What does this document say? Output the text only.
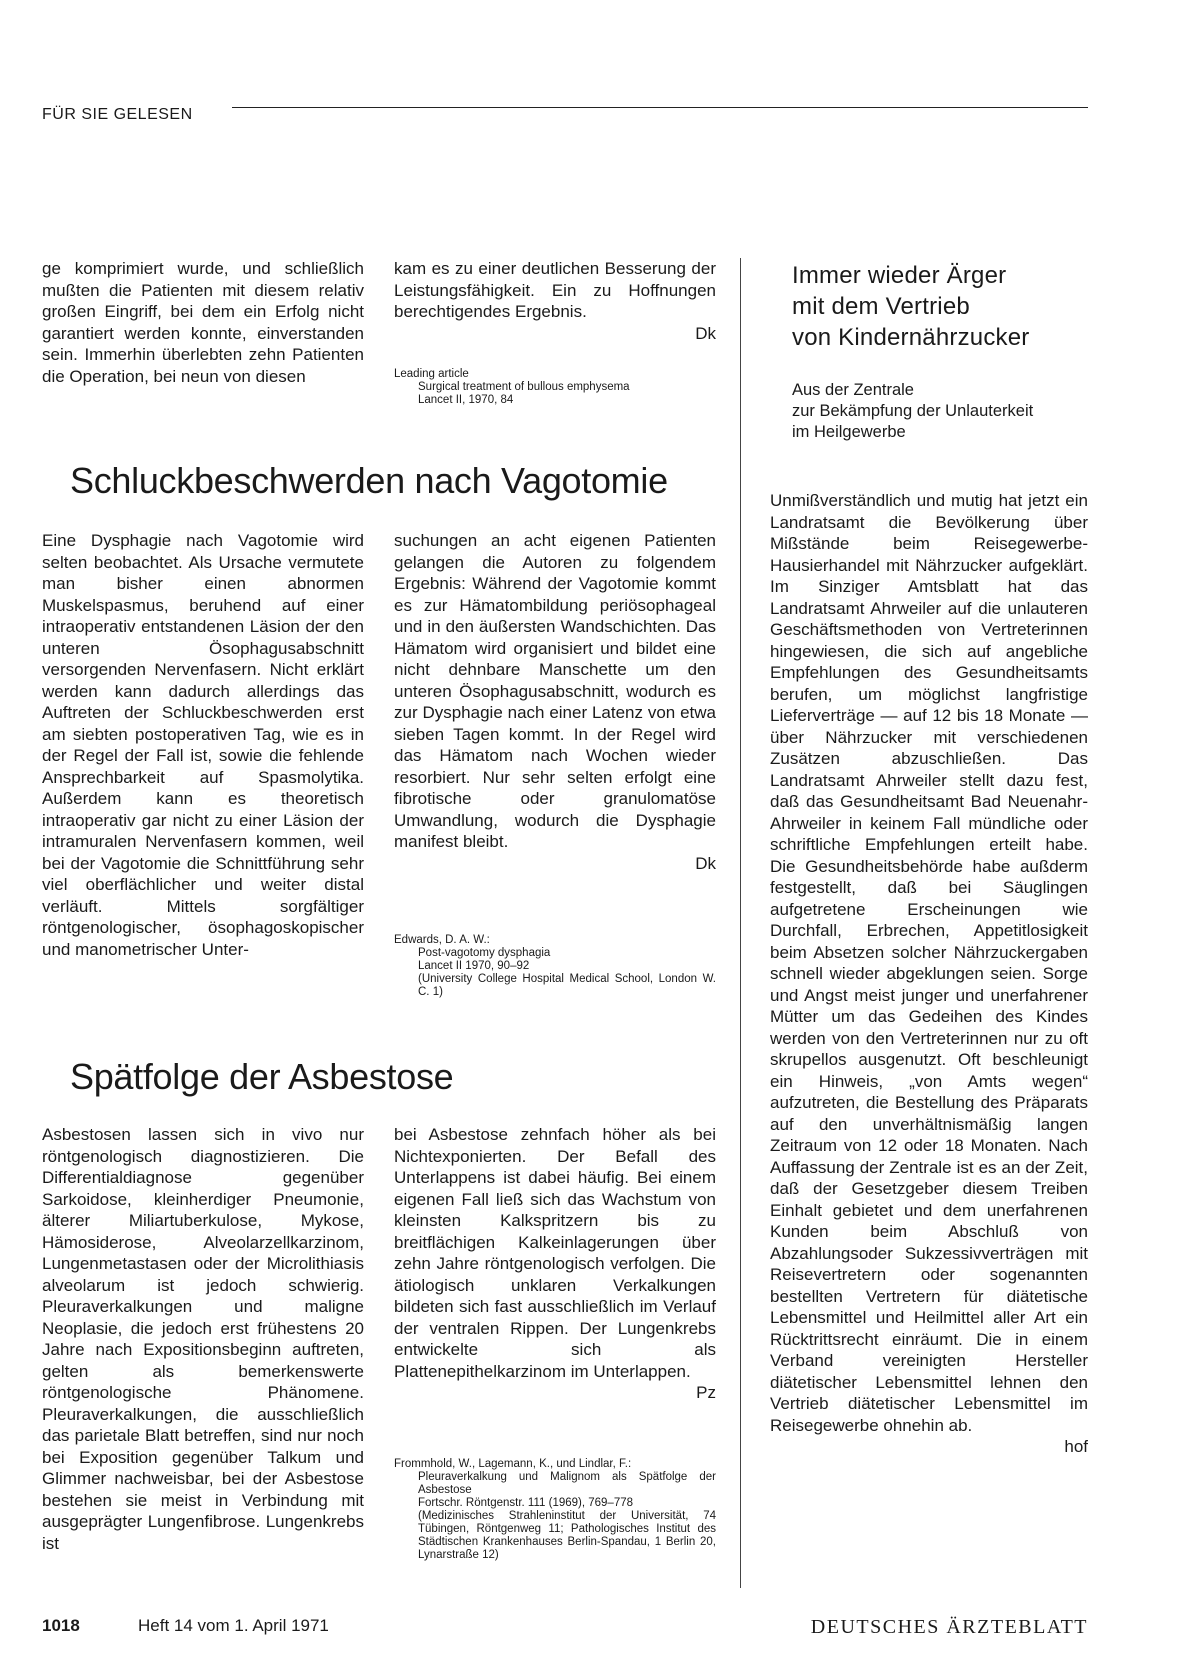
FÜR SIE GELESEN

ge komprimiert wurde, und schließlich mußten die Patienten mit diesem relativ großen Eingriff, bei dem ein Erfolg nicht garantiert werden konnte, einverstanden sein. Immerhin überlebten zehn Patienten die Operation, bei neun von diesen

kam es zu einer deutlichen Besserung der Leistungsfähigkeit. Ein zu Hoffnungen berechtigendes Ergebnis.

Dk
Leading article
Surgical treatment of bullous emphysema
Lancet II, 1970, 84
Schluckbeschwerden nach Vagotomie

Eine Dysphagie nach Vagotomie wird selten beobachtet. Als Ursache vermutete man bisher einen abnormen Muskelspasmus, beruhend auf einer intraoperativ entstandenen Läsion der den unteren Ösophagusabschnitt versorgenden Nervenfasern. Nicht erklärt werden kann dadurch allerdings das Auftreten der Schluckbeschwerden erst am siebten postoperativen Tag, wie es in der Regel der Fall ist, sowie die fehlende Ansprechbarkeit auf Spasmolytika. Außerdem kann es theoretisch intraoperativ gar nicht zu einer Läsion der intramuralen Nervenfasern kommen, weil bei der Vagotomie die Schnittführung sehr viel oberflächlicher und weiter distal verläuft. Mittels sorgfältiger röntgenologischer, ösophagoskopischer und manometrischer Unter-

suchungen an acht eigenen Patienten gelangen die Autoren zu folgendem Ergebnis: Während der Vagotomie kommt es zur Hämatombildung periösophageal und in den äußersten Wandschichten. Das Hämatom wird organisiert und bildet eine nicht dehnbare Manschette um den unteren Ösophagusabschnitt, wodurch es zur Dysphagie nach einer Latenz von etwa sieben Tagen kommt. In der Regel wird das Hämatom nach Wochen wieder resorbiert. Nur sehr selten erfolgt eine fibrotische oder granulomatöse Umwandlung, wodurch die Dysphagie manifest bleibt.

Dk
Edwards, D. A. W.:
Post-vagotomy dysphagia
Lancet II 1970, 90–92
(University College Hospital Medical School, London W. C. 1)
Spätfolge der Asbestose

Asbestosen lassen sich in vivo nur röntgenologisch diagnostizieren. Die Differentialdiagnose gegenüber Sarkoidose, kleinherdiger Pneumonie, älterer Miliartuberkulose, Mykose, Hämosiderose, Alveolarzellkarzinom, Lungenmetastasen oder der Microlithiasis alveolarum ist jedoch schwierig. Pleuraverkalkungen und maligne Neoplasie, die jedoch erst frühestens 20 Jahre nach Expositionsbeginn auftreten, gelten als bemerkenswerte röntgenologische Phänomene. Pleuraverkalkungen, die ausschließlich das parietale Blatt betreffen, sind nur noch bei Exposition gegenüber Talkum und Glimmer nachweisbar, bei der Asbestose bestehen sie meist in Verbindung mit ausgeprägter Lungenfibrose. Lungenkrebs ist

bei Asbestose zehnfach höher als bei Nichtexponierten. Der Befall des Unterlappens ist dabei häufig. Bei einem eigenen Fall ließ sich das Wachstum von kleinsten Kalkspritzern bis zu breitflächigen Kalkeinlagerungen über zehn Jahre röntgenologisch verfolgen. Die ätiologisch unklaren Verkalkungen bildeten sich fast ausschließlich im Verlauf der ventralen Rippen. Der Lungenkrebs entwickelte sich als Plattenepithelkarzinom im Unterlappen.

Pz
Frommhold, W., Lagemann, K., und Lindlar, F.:
Pleuraverkalkung und Malignom als Spätfolge der Asbestose
Fortschr. Röntgenstr. 111 (1969), 769–778
(Medizinisches Strahleninstitut der Universität, 74 Tübingen, Röntgenweg 11; Pathologisches Institut des Städtischen Krankenhauses Berlin-Spandau, 1 Berlin 20, Lynarstraße 12)
Immer wieder Ärger
mit dem Vertrieb
von Kindernährzucker
Aus der Zentrale
zur Bekämpfung der Unlauterkeit
im Heilgewerbe

Unmißverständlich und mutig hat jetzt ein Landratsamt die Bevölkerung über Mißstände beim Reisegewerbe-Hausierhandel mit Nährzucker aufgeklärt. Im Sinziger Amtsblatt hat das Landratsamt Ahrweiler auf die unlauteren Geschäftsmethoden von Vertreterinnen hingewiesen, die sich auf angebliche Empfehlungen des Gesundheitsamts berufen, um möglichst langfristige Lieferverträge — auf 12 bis 18 Monate — über Nährzucker mit verschiedenen Zusätzen abzuschließen. Das Landratsamt Ahrweiler stellt dazu fest, daß das Gesundheitsamt Bad Neuenahr-Ahrweiler in keinem Fall mündliche oder schriftliche Empfehlungen erteilt habe. Die Gesundheitsbehörde habe außderm festgestellt, daß bei Säuglingen aufgetretene Erscheinungen wie Durchfall, Erbrechen, Appetitlosigkeit beim Absetzen solcher Nährzuckergaben schnell wieder abgeklungen seien. Sorge und Angst meist junger und unerfahrener Mütter um das Gedeihen des Kindes werden von den Vertreterinnen nur zu oft skrupellos ausgenutzt. Oft beschleunigt ein Hinweis, „von Amts wegen“ aufzutreten, die Bestellung des Präparats auf den unverhältnismäßig langen Zeitraum von 12 oder 18 Monaten. Nach Auffassung der Zentrale ist es an der Zeit, daß der Gesetzgeber diesem Treiben Einhalt gebietet und dem unerfahrenen Kunden beim Abschluß von Abzahlungsoder Sukzessivverträgen mit Reisevertretern oder sogenannten bestellten Vertretern für diätetische Lebensmittel und Heilmittel aller Art ein Rücktrittsrecht einräumt. Die in einem Verband vereinigten Hersteller diätetischer Lebensmittel lehnen den Vertrieb diätetischer Lebensmittel im Reisegewerbe ohnehin ab.

hof
1018	Heft 14 vom 1. April 1971	DEUTSCHES ÄRZTEBLATT
